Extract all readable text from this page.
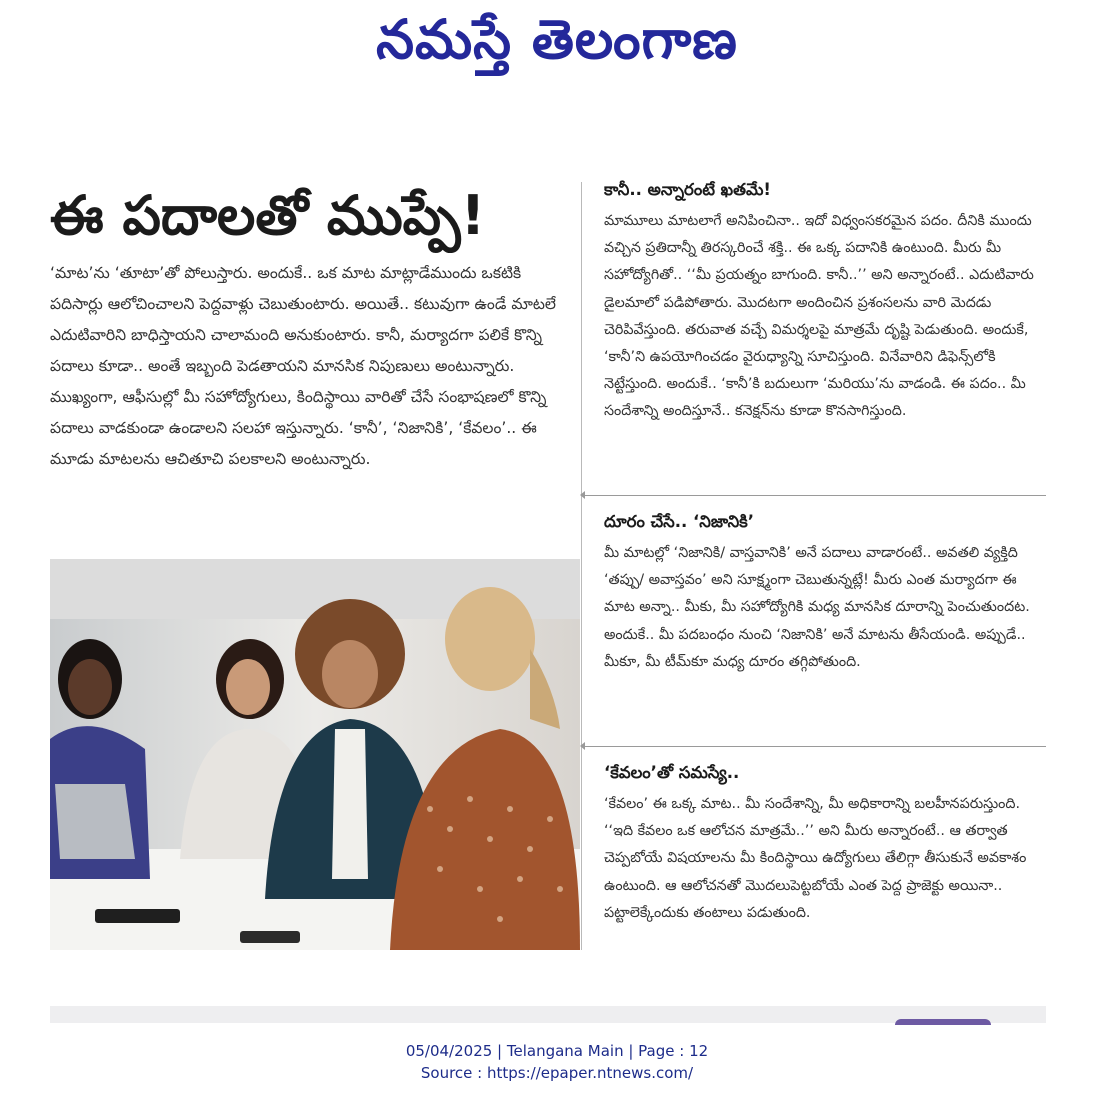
నమస్తే తెలంగాణ
ఈ పదాలతో ముప్పే!
‘మాట’ను ‘తూటా’తో పోలుస్తారు. అందుకే.. ఒక మాట మాట్లాడేముందు ఒకటికి పదిసార్లు ఆలోచించాలని పెద్దవాళ్లు చెబుతుంటారు. అయితే.. కటువుగా ఉండే మాటలే ఎదుటివారిని బాధిస్తాయని చాలామంది అనుకుంటారు. కానీ, మర్యాదగా పలికే కొన్ని పదాలు కూడా.. అంతే ఇబ్బంది పెడతాయని మానసిక నిపుణులు అంటున్నారు. ముఖ్యంగా, ఆఫీసుల్లో మీ సహోద్యోగులు, కిందిస్థాయి వారితో చేసే సంభాషణలో కొన్ని పదాలు వాడకుండా ఉండాలని సలహా ఇస్తున్నారు. ‘కానీ’, ‘నిజానికి’, ‘కేవలం’.. ఈ మూడు మాటలను ఆచితూచి పలకాలని అంటున్నారు.
కానీ.. అన్నారంటే ఖతమే!

మామూలు మాటలాగే అనిపించినా.. ఇదో విధ్వంసకరమైన పదం. దీనికి ముందు వచ్చిన ప్రతిదాన్నీ తిరస్కరించే శక్తి.. ఈ ఒక్క పదానికి ఉంటుంది. మీరు మీ సహోద్యోగితో.. ‘‘మీ ప్రయత్నం బాగుంది. కానీ..’’ అని అన్నారంటే.. ఎదుటివారు డైలమాలో పడిపోతారు. మొదటగా అందించిన ప్రశంసలను వారి మెదడు చెరిపివేస్తుంది. తరువాత వచ్చే విమర్శలపై మాత్రమే దృష్టి పెడుతుంది. అందుకే, ‘కానీ’ని ఉపయోగించడం వైరుధ్యాన్ని సూచిస్తుంది. వినేవారిని డిఫెన్స్‌లోకి నెట్టేస్తుంది. అందుకే.. ‘కానీ’కి బదులుగా ‘మరియు’ను వాడండి. ఈ పదం.. మీ సందేశాన్ని అందిస్తూనే.. కనెక్షన్‌ను కూడా కొనసాగిస్తుంది.

దూరం చేసే.. ‘నిజానికి’

మీ మాటల్లో ‘నిజానికి/ వాస్తవానికి’ అనే పదాలు వాడారంటే.. అవతలి వ్యక్తిది ‘తప్పు/ అవాస్తవం’ అని సూక్ష్మంగా చెబుతున్నట్లే! మీరు ఎంత మర్యాదగా ఈ మాట అన్నా.. మీకు, మీ సహోద్యోగికి మధ్య మానసిక దూరాన్ని పెంచుతుందట. అందుకే.. మీ పదబంధం నుంచి ‘నిజానికి’ అనే మాటను తీసేయండి. అప్పుడే.. మీకూ, మీ టీమ్‌కూ మధ్య దూరం తగ్గిపోతుంది.

‘కేవలం’తో సమస్యే..

‘కేవలం’ ఈ ఒక్క మాట.. మీ సందేశాన్ని, మీ అధికారాన్ని బలహీనపరుస్తుంది. ‘‘ఇది కేవలం ఒక ఆలోచన మాత్రమే..’’ అని మీరు అన్నారంటే.. ఆ తర్వాత చెప్పబోయే విషయాలను మీ కిందిస్థాయి ఉద్యోగులు తేలిగ్గా తీసుకునే అవకాశం ఉంటుంది. ఆ ఆలోచనతో మొదలుపెట్టబోయే ఎంత పెద్ద ప్రాజెక్టు అయినా.. పట్టాలెక్కేందుకు తంటాలు పడుతుంది.

05/04/2025 | Telangana Main | Page : 12
Source : https://epaper.ntnews.com/
